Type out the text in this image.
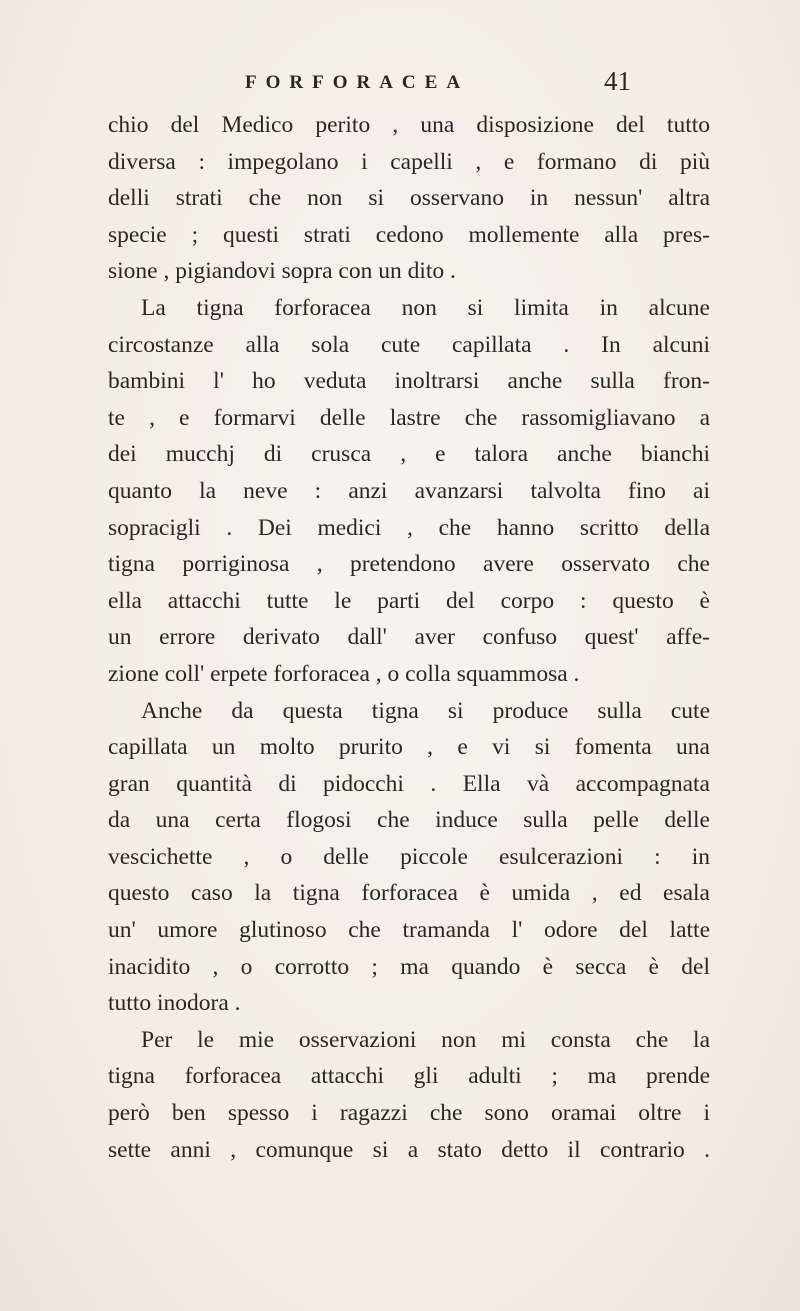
FORFORACEA	41
chio del Medico perito , una disposizione del tutto
diversa : impegolano i capelli , e formano di più
delli strati che non si osservano in nessun' altra
specie ; questi strati cedono mollemente alla pres-
sione , pigiandovi sopra con un dito .
La tigna forforacea non si limita in alcune
circostanze alla sola cute capillata . In alcuni
bambini l' ho veduta inoltrarsi anche sulla fron-
te , e formarvi delle lastre che rassomigliavano a
dei mucchj di crusca , e talora anche bianchi
quanto la neve : anzi avanzarsi talvolta fino ai
sopracigli . Dei medici , che hanno scritto della
tigna porriginosa , pretendono avere osservato che
ella attacchi tutte le parti del corpo : questo è
un errore derivato dall' aver confuso quest' affe-
zione coll' erpete forforacea , o colla squammosa .
Anche da questa tigna si produce sulla cute
capillata un molto prurito , e vi si fomenta una
gran quantità di pidocchi . Ella và accompagnata
da una certa flogosi che induce sulla pelle delle
vescichette , o delle piccole esulcerazioni : in
questo caso la tigna forforacea è umida , ed esala
un' umore glutinoso che tramanda l' odore del latte
inacidito , o corrotto ; ma quando è secca è del
tutto inodora .
Per le mie osservazioni non mi consta che la
tigna forforacea attacchi gli adulti ; ma prende
però ben spesso i ragazzi che sono oramai oltre i
sette anni , comunque si a stato detto il contrario .
